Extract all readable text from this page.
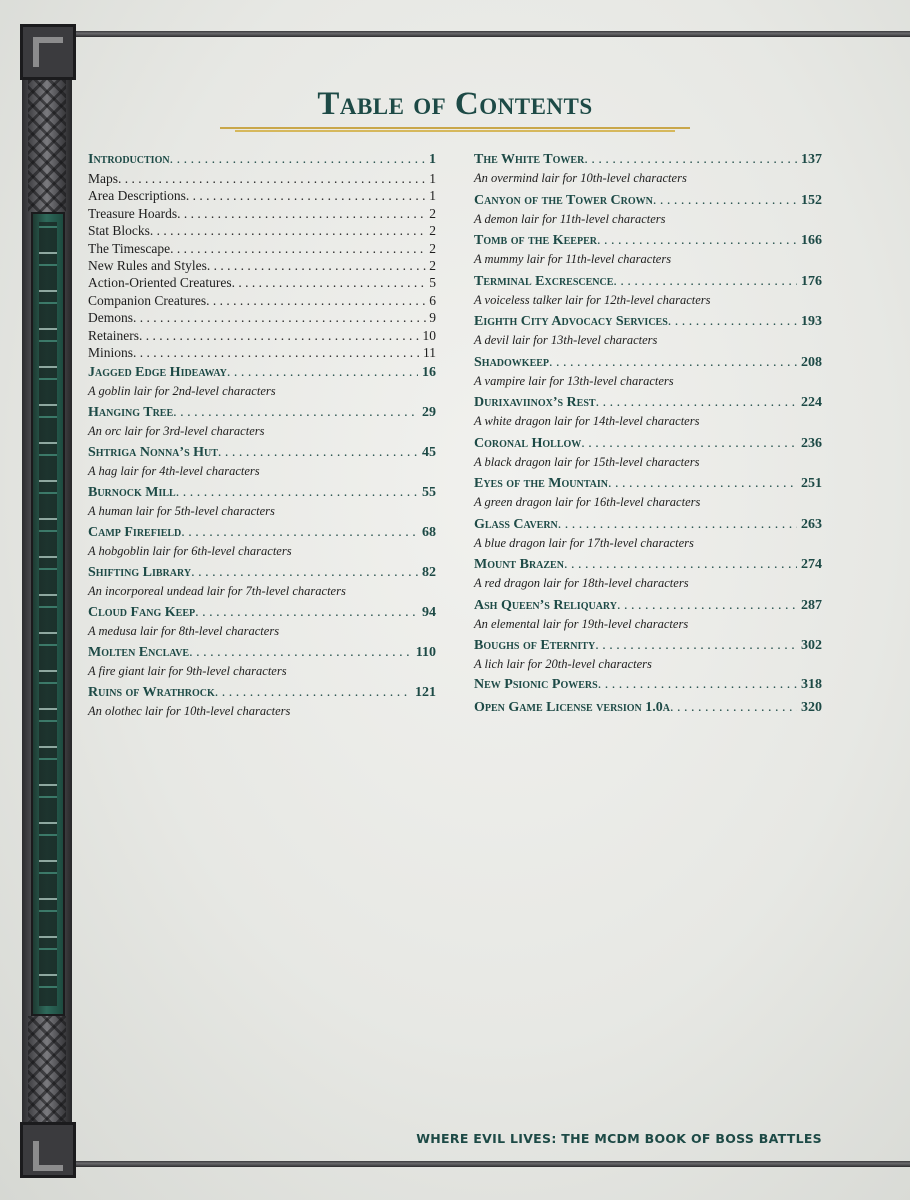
Table of Contents
Introduction . . .	1
Maps . . .	1
Area Descriptions . . .	1
Treasure Hoards . . .	2
Stat Blocks . . .	2
The Timescape . . .	2
New Rules and Styles . . .	2
Action-Oriented Creatures . . .	5
Companion Creatures . . .	6
Demons . . .	9
Retainers . . .	10
Minions . . .	11
Jagged Edge Hideaway . . .	16
A goblin lair for 2nd-level characters
Hanging Tree . . .	29
An orc lair for 3rd-level characters
Shtriga Nonna’s Hut . . .	45
A hag lair for 4th-level characters
Burnock Mill . . .	55
A human lair for 5th-level characters
Camp Firefield . . .	68
A hobgoblin lair for 6th-level characters
Shifting Library . . .	82
An incorporeal undead lair for 7th-level characters
Cloud Fang Keep . . .	94
A medusa lair for 8th-level characters
Molten Enclave . . .	110
A fire giant lair for 9th-level characters
Ruins of Wrathrock . . .	121
An olothec lair for 10th-level characters
The White Tower . . .	137
An overmind lair for 10th-level characters
Canyon of the Tower Crown . . .	152
A demon lair for 11th-level characters
Tomb of the Keeper . . .	166
A mummy lair for 11th-level characters
Terminal Excrescence . . .	176
A voiceless talker lair for 12th-level characters
Eighth City Advocacy Services . . .	193
A devil lair for 13th-level characters
Shadowkeep . . .	208
A vampire lair for 13th-level characters
Durixaviinox’s Rest . . .	224
A white dragon lair for 14th-level characters
Coronal Hollow . . .	236
A black dragon lair for 15th-level characters
Eyes of the Mountain . . .	251
A green dragon lair for 16th-level characters
Glass Cavern . . .	263
A blue dragon lair for 17th-level characters
Mount Brazen . . .	274
A red dragon lair for 18th-level characters
Ash Queen’s Reliquary . . .	287
An elemental lair for 19th-level characters
Boughs of Eternity . . .	302
A lich lair for 20th-level characters
New Psionic Powers . . .	318
Open Game License version 1.0a . . .	320
WHERE EVIL LIVES: THE MCDM BOOK OF BOSS BATTLES
